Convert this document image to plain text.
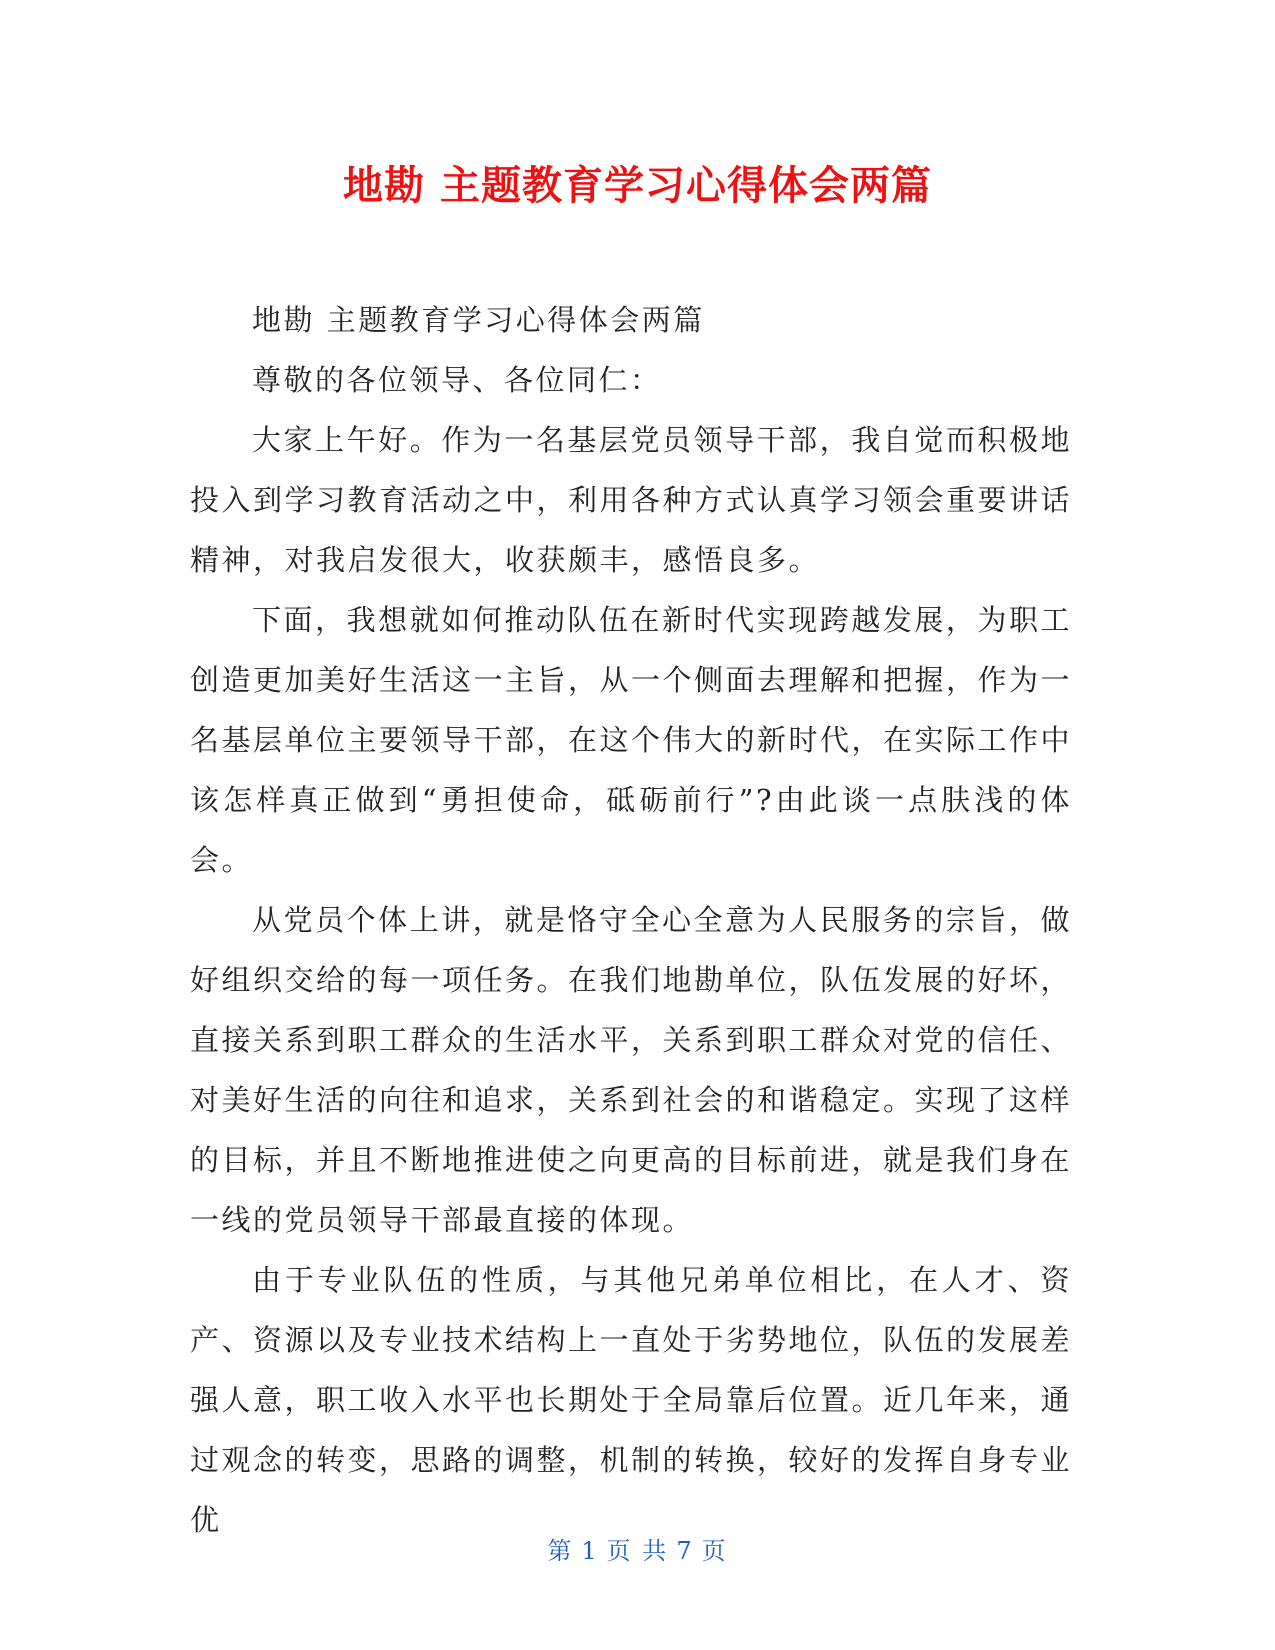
地勘 主题教育学习心得体会两篇

地勘 主题教育学习心得体会两篇

尊敬的各位领导、各位同仁：

大家上午好。作为一名基层党员领导干部，我自觉而积极地投入到学习教育活动之中，利用各种方式认真学习领会重要讲话精神，对我启发很大，收获颇丰，感悟良多。

下面，我想就如何推动队伍在新时代实现跨越发展，为职工创造更加美好生活这一主旨，从一个侧面去理解和把握，作为一名基层单位主要领导干部，在这个伟大的新时代，在实际工作中该怎样真正做到“勇担使命，砥砺前行”?由此谈一点肤浅的体会。

从党员个体上讲，就是恪守全心全意为人民服务的宗旨，做好组织交给的每一项任务。在我们地勘单位，队伍发展的好坏，直接关系到职工群众的生活水平，关系到职工群众对党的信任、对美好生活的向往和追求，关系到社会的和谐稳定。实现了这样的目标，并且不断地推进使之向更高的目标前进，就是我们身在一线的党员领导干部最直接的体现。

由于专业队伍的性质，与其他兄弟单位相比，在人才、资产、资源以及专业技术结构上一直处于劣势地位，队伍的发展差强人意，职工收入水平也长期处于全局靠后位置。近几年来，通过观念的转变，思路的调整，机制的转换，较好的发挥自身专业优

第 1 页 共 7 页
